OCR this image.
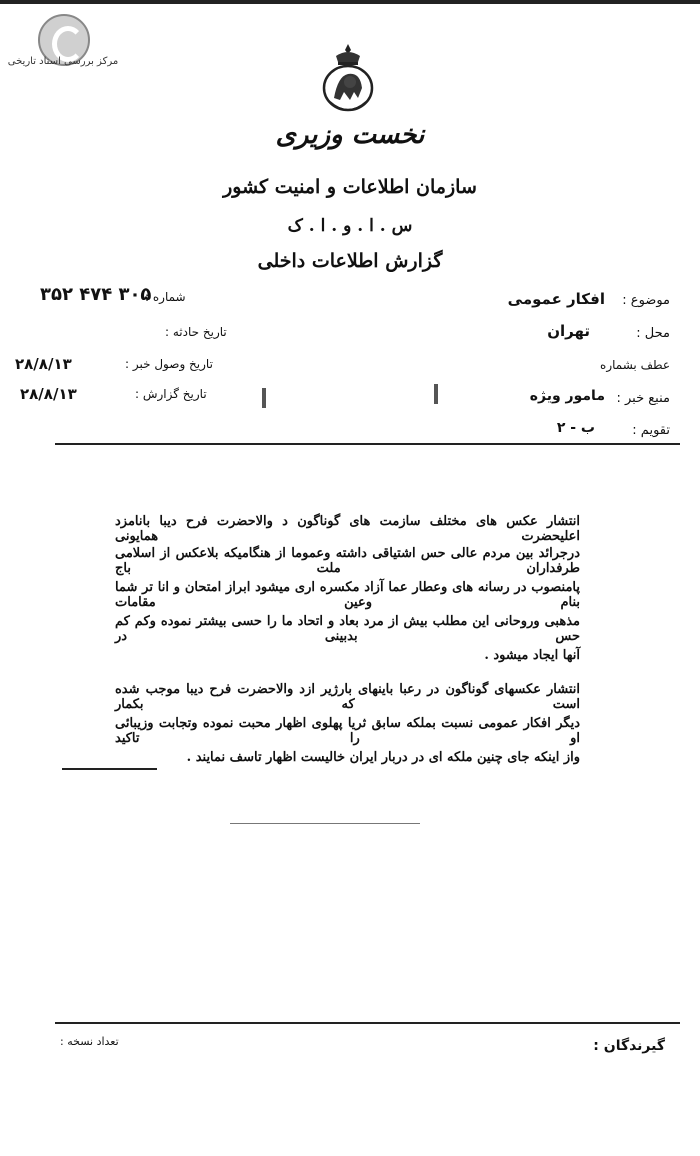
مرکز بررسی اسناد تاریخی
نخست وزیری
سازمان اطلاعات و امنیت کشور
س . ا . و . ا . ک
گزارش اطلاعات داخلی
موضوع :
افکار عمومی
محل :
تهران
عطف بشماره
منبع خبر :
مامور ویژه
تقویم :
ب - ۲
شماره :
۳۵۲ ۴۷۴ ۳۰۵
تاریخ حادثه :
تاریخ وصول خبر :
۲۸/۸/۱۳
تاریخ گزارش :
۲۸/۸/۱۳
انتشار عکس های مختلف سازمت های گوناگون د والاحضرت فرح دیبا بانامزد اعلیحضرت همایونی
درجرائد بین مردم عالی حس اشتیاقی داشته وعموما از هنگامیکه بلاعکس از اسلامی طرفداران ملت باج
پامنصوب در رسانه های وعطار عما آزاد مکسره اری میشود ابراز امتحان و انا تر شما بنام وعین مقامات
مذهبی وروحانی این مطلب بیش از مرد بعاد و اتحاد ما را حسی بیشتر نموده وکم کم حس بدبینی در
آنها ایجاد میشود .
انتشار عکسهای گوناگون در رعبا باینهای بارژیر ازد والاحضرت فرح دیبا موجب شده است که بکمار
دیگر افکار عمومی نسبت بملکه سابق ثریا پهلوی اظهار محبت نموده وتجابت وزیبائی او را تاکید
واز اینکه جای چنین ملکه ای در دربار ایران خالیست اظهار تاسف نمایند .
گیرندگان :
تعداد نسخه :
